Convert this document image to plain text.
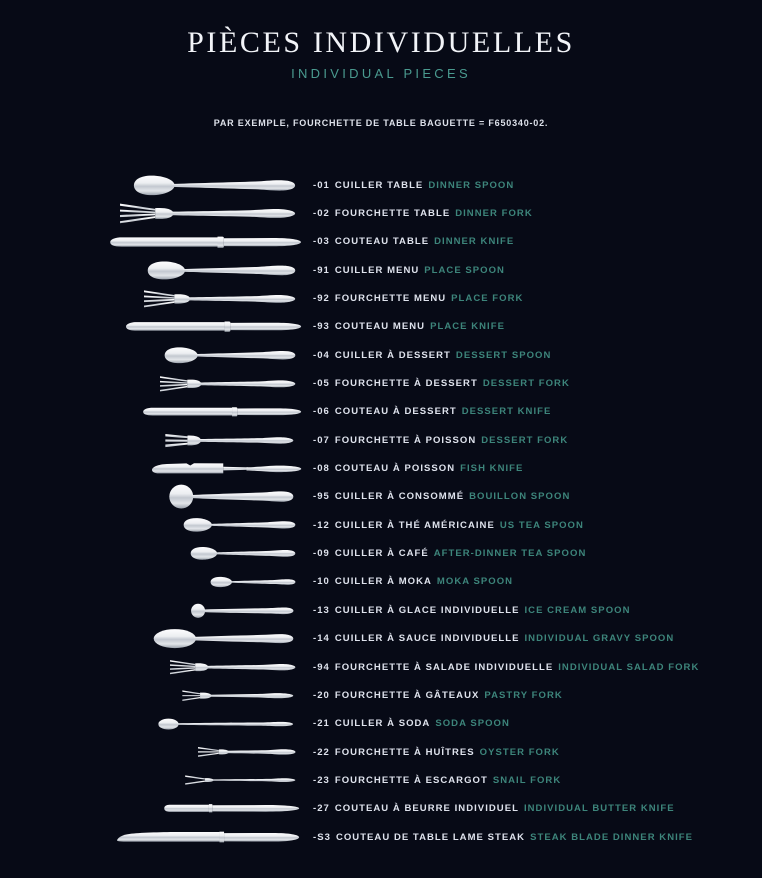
PIÈCES INDIVIDUELLES
INDIVIDUAL PIECES

PAR EXEMPLE, FOURCHETTE DE TABLE BAGUETTE = F650340-02.

-01 CUILLER TABLE DINNER SPOON
-02 FOURCHETTE TABLE DINNER FORK
-03 COUTEAU TABLE DINNER KNIFE
-91 CUILLER MENU PLACE SPOON
-92 FOURCHETTE MENU PLACE FORK
-93 COUTEAU MENU PLACE KNIFE
-04 CUILLER À DESSERT DESSERT SPOON
-05 FOURCHETTE À DESSERT DESSERT FORK
-06 COUTEAU À DESSERT DESSERT KNIFE
-07 FOURCHETTE À POISSON DESSERT FORK
-08 COUTEAU À POISSON FISH KNIFE
-95 CUILLER À CONSOMMÉ BOUILLON SPOON
-12 CUILLER À THÉ AMÉRICAINE US TEA SPOON
-09 CUILLER À CAFÉ AFTER-DINNER TEA SPOON
-10 CUILLER À MOKA MOKA SPOON
-13 CUILLER À GLACE INDIVIDUELLE ICE CREAM SPOON
-14 CUILLER À SAUCE INDIVIDUELLE INDIVIDUAL GRAVY SPOON
-94 FOURCHETTE À SALADE INDIVIDUELLE INDIVIDUAL SALAD FORK
-20 FOURCHETTE À GÂTEAUX PASTRY FORK
-21 CUILLER À SODA SODA SPOON
-22 FOURCHETTE À HUÎTRES OYSTER FORK
-23 FOURCHETTE À ESCARGOT SNAIL FORK
-27 COUTEAU À BEURRE INDIVIDUEL INDIVIDUAL BUTTER KNIFE
-S3 COUTEAU DE TABLE LAME STEAK STEAK BLADE DINNER KNIFE
